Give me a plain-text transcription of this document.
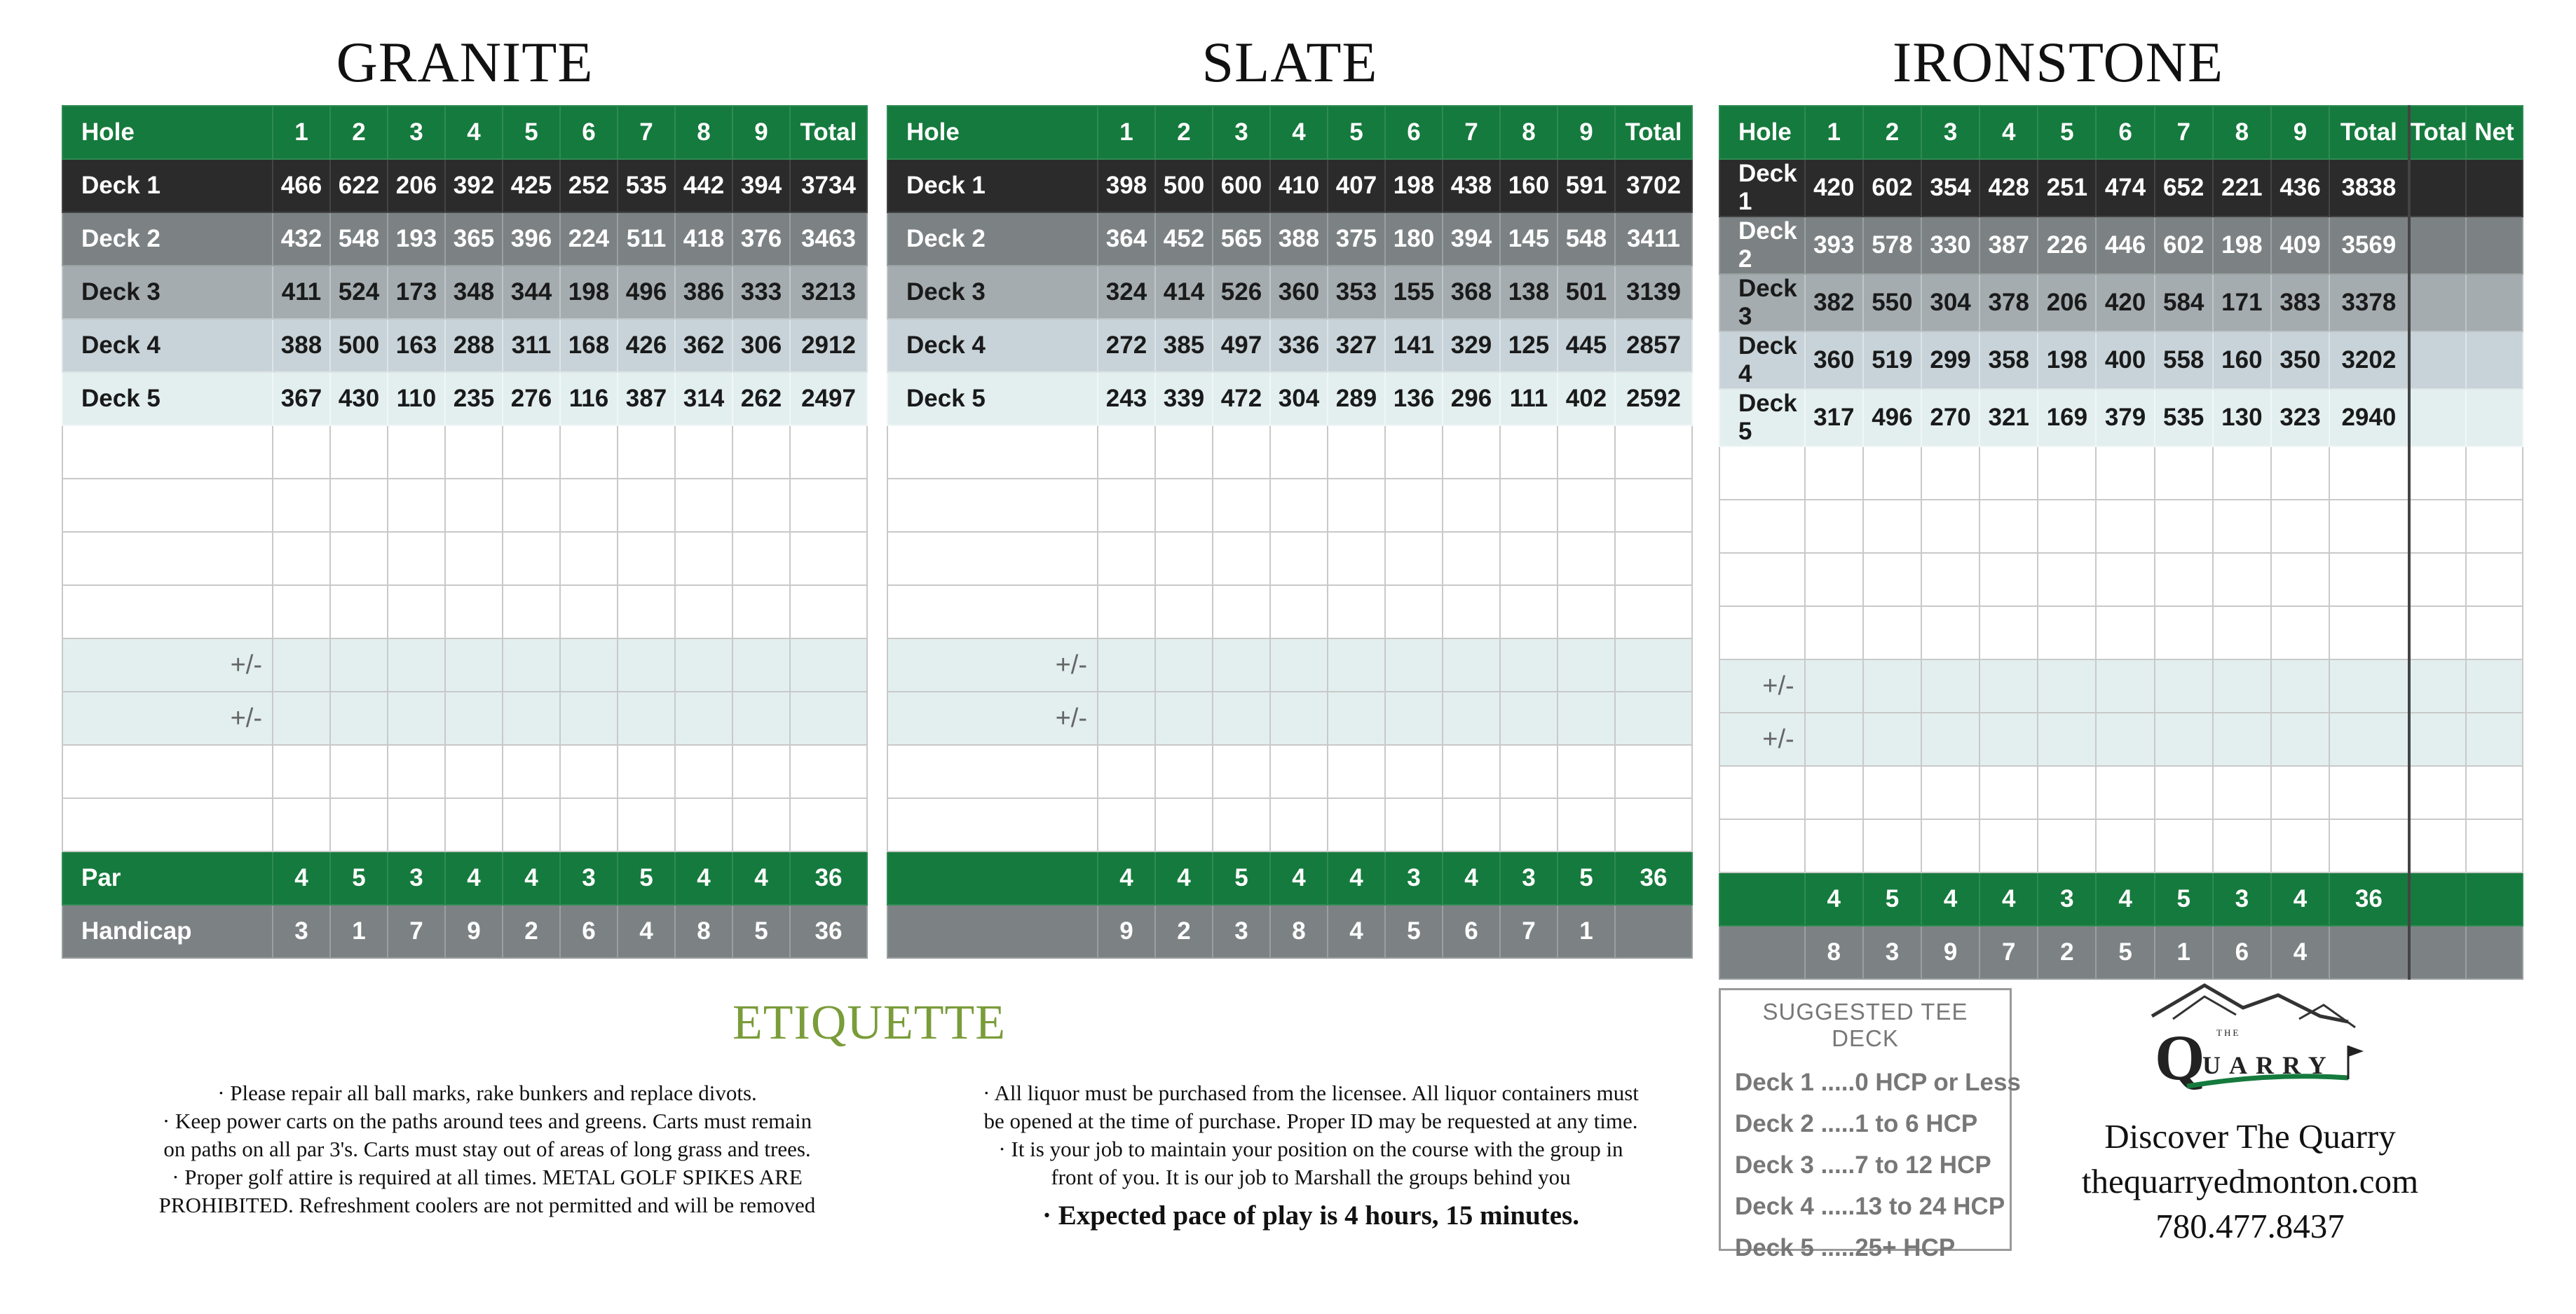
GRANITE	SLATE	IRONSTONE
Hole	1	2	3	4	5	6	7	8	9	Total
Deck 1	466	622	206	392	425	252	535	442	394	3734
Deck 2	432	548	193	365	396	224	511	418	376	3463
Deck 3	411	524	173	348	344	198	496	386	333	3213
Deck 4	388	500	163	288	311	168	426	362	306	2912
Deck 5	367	430	110	235	276	116	387	314	262	2497

+/-										
+/-										

Par	4	5	3	4	4	3	5	4	4	36
Handicap	3	1	7	9	2	6	4	8	5	36
Hole	1	2	3	4	5	6	7	8	9	Total
Deck 1	398	500	600	410	407	198	438	160	591	3702
Deck 2	364	452	565	388	375	180	394	145	548	3411
Deck 3	324	414	526	360	353	155	368	138	501	3139
Deck 4	272	385	497	336	327	141	329	125	445	2857
Deck 5	243	339	472	304	289	136	296	111	402	2592

+/-										
+/-										

	4	4	5	4	4	3	4	3	5	36
	9	2	3	8	4	5	6	7	1	
Hole	1	2	3	4	5	6	7	8	9	Total	Total	Net
Deck 1	420	602	354	428	251	474	652	221	436	3838		
Deck 2	393	578	330	387	226	446	602	198	409	3569		
Deck 3	382	550	304	378	206	420	584	171	383	3378		
Deck 4	360	519	299	358	198	400	558	160	350	3202		
Deck 5	317	496	270	321	169	379	535	130	323	2940		

+/-												
+/-												

	4	5	4	4	3	4	5	3	4	36		
	8	3	9	7	2	5	1	6	4			
ETIQUETTE

· Please repair all ball marks, rake bunkers and replace divots.

· Keep power carts on the paths around tees and greens. Carts must remain

on paths on all par 3's. Carts must stay out of areas of long grass and trees.

· Proper golf attire is required at all times. METAL GOLF SPIKES ARE

PROHIBITED. Refreshment coolers are not permitted and will be removed

· All liquor must be purchased from the licensee. All liquor containers must

be opened at the time of purchase. Proper ID may be requested at any time.

· It is your job to maintain your position on the course with the group in

front of you. It is our job to Marshall the groups behind you

· Expected pace of play is 4 hours, 15 minutes.
SUGGESTED TEE DECK
Deck 1 .....0 HCP or Less
Deck 2 .....1 to 6 HCP
Deck 3 .....7 to 12 HCP
Deck 4 .....13 to 24 HCP
Deck 5 .....25+ HCP
THE
Q
UARRY
Discover The Quarry
thequarryedmonton.com
780.477.8437
